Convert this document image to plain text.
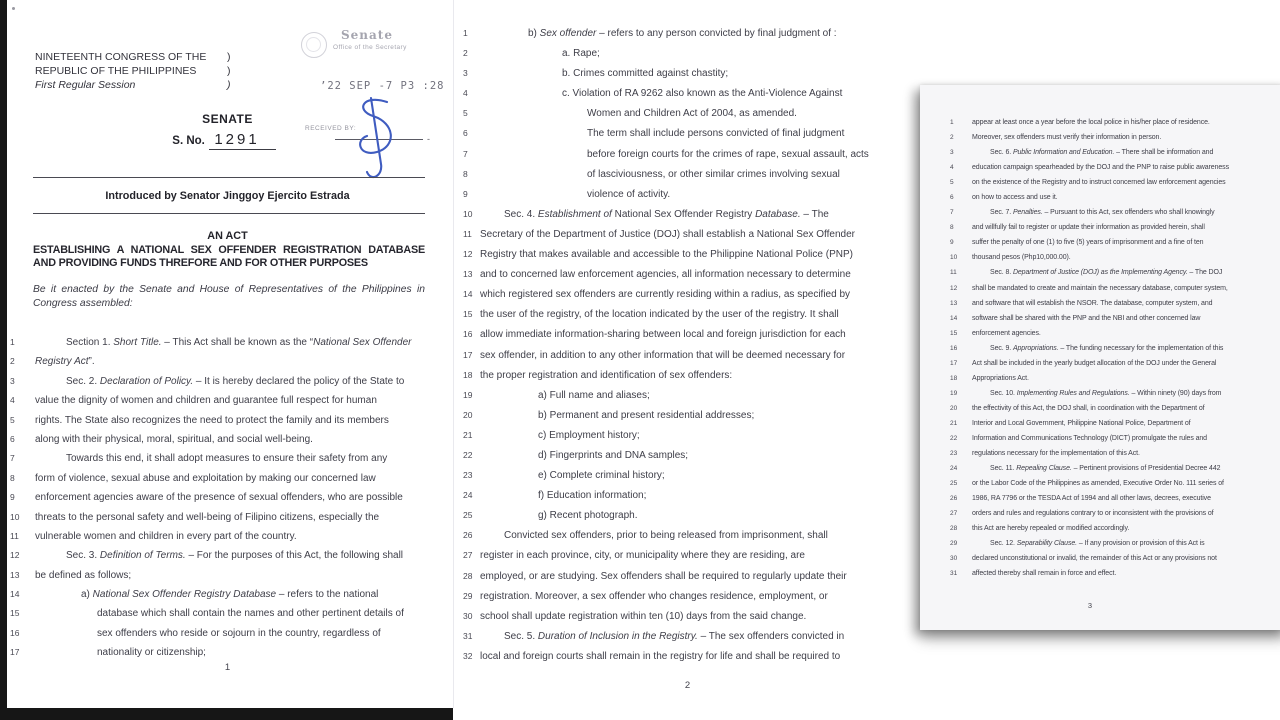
NINETEENTH CONGRESS OF THE )
REPUBLIC OF THE PHILIPPINES	)
First Regular Session	)
Senate
Office of the Secretary
’22 SEP -7 P3 :28
RECEIVED BY:
-
SENATE
S. No. 1291
Introduced by Senator Jinggoy Ejercito Estrada
AN ACT
ESTABLISHING A NATIONAL SEX OFFENDER REGISTRATION DATABASE
AND PROVIDING FUNDS THREFORE AND FOR OTHER PURPOSES
Be it enacted by the Senate and House of Representatives of the Philippines in
Congress assembled:
1	Section 1. Short Title. – This Act shall be known as the “National Sex Offender
2	Registry Act”.
3	Sec. 2. Declaration of Policy. – It is hereby declared the policy of the State to
4	value the dignity of women and children and guarantee full respect for human
5	rights. The State also recognizes the need to protect the family and its members
6	along with their physical, moral, spiritual, and social well-being.
7	Towards this end, it shall adopt measures to ensure their safety from any
8	form of violence, sexual abuse and exploitation by making our concerned law
9	enforcement agencies aware of the presence of sexual offenders, who are possible
10	threats to the personal safety and well-being of Filipino citizens, especially the
11	vulnerable women and children in every part of the country.
12	Sec. 3. Definition of Terms. – For the purposes of this Act, the following shall
13	be defined as follows;
14	a) National Sex Offender Registry Database – refers to the national
15	database which shall contain the names and other pertinent details of
16	sex offenders who reside or sojourn in the country, regardless of
17	nationality or citizenship;
1
1	b) Sex offender – refers to any person convicted by final judgment of :
2	a. Rape;
3	b. Crimes committed against chastity;
4	c. Violation of RA 9262 also known as the Anti-Violence Against
5	Women and Children Act of 2004, as amended.
6	The term shall include persons convicted of final judgment
7	before foreign courts for the crimes of rape, sexual assault, acts
8	of lasciviousness, or other similar crimes involving sexual
9	violence of activity.
10	Sec. 4. Establishment of National Sex Offender Registry Database. – The
11 Secretary of the Department of Justice (DOJ) shall establish a National Sex Offender
12 Registry that makes available and accessible to the Philippine National Police (PNP)
13 and to concerned law enforcement agencies, all information necessary to determine
14 which registered sex offenders are currently residing within a radius, as specified by
15 the user of the registry, of the location indicated by the user of the registry. It shall
16 allow immediate information-sharing between local and foreign jurisdiction for each
17 sex offender, in addition to any other information that will be deemed necessary for
18 the proper registration and identification of sex offenders:
19	a) Full name and aliases;
20	b) Permanent and present residential addresses;
21	c) Employment history;
22	d) Fingerprints and DNA samples;
23	e) Complete criminal history;
24	f) Education information;
25	g) Recent photograph.
26	Convicted sex offenders, prior to being released from imprisonment, shall
27 register in each province, city, or municipality where they are residing, are
28 employed, or are studying. Sex offenders shall be required to regularly update their
29 registration. Moreover, a sex offender who changes residence, employment, or
30 school shall update registration within ten (10) days from the said change.
31	Sec. 5. Duration of Inclusion in the Registry. – The sex offenders convicted in
32 local and foreign courts shall remain in the registry for life and shall be required to
2
1	appear at least once a year before the local police in his/her place of residence.
2	Moreover, sex offenders must verify their information in person.
3	Sec. 6. Public Information and Education. – There shall be information and
4	education campaign spearheaded by the DOJ and the PNP to raise public awareness
5	on the existence of the Registry and to instruct concerned law enforcement agencies
6	on how to access and use it.
7	Sec. 7. Penalties. – Pursuant to this Act, sex offenders who shall knowingly
8	and willfully fail to register or update their information as provided herein, shall
9	suffer the penalty of one (1) to five (5) years of imprisonment and a fine of ten
10	thousand pesos (Php10,000.00).
11	Sec. 8. Department of Justice (DOJ) as the Implementing Agency. – The DOJ
12	shall be mandated to create and maintain the necessary database, computer system,
13	and software that will establish the NSOR. The database, computer system, and
14	software shall be shared with the PNP and the NBI and other concerned law
15	enforcement agencies.
16	Sec. 9. Appropriations. – The funding necessary for the implementation of this
17	Act shall be included in the yearly budget allocation of the DOJ under the General
18	Appropriations Act.
19	Sec. 10. Implementing Rules and Regulations. – Within ninety (90) days from
20	the effectivity of this Act, the DOJ shall, in coordination with the Department of
21	Interior and Local Government, Philippine National Police, Department of
22	Information and Communications Technology (DICT) promulgate the rules and
23	regulations necessary for the implementation of this Act.
24	Sec. 11. Repealing Clause. – Pertinent provisions of Presidential Decree 442
25	or the Labor Code of the Philippines as amended, Executive Order No. 111 series of
26	1986, RA 7796 or the TESDA Act of 1994 and all other laws, decrees, executive
27	orders and rules and regulations contrary to or inconsistent with the provisions of
28	this Act are hereby repealed or modified accordingly.
29	Sec. 12. Separability Clause. – If any provision or provision of this Act is
30	declared unconstitutional or invalid, the remainder of this Act or any provisions not
31	affected thereby shall remain in force and effect.
3
